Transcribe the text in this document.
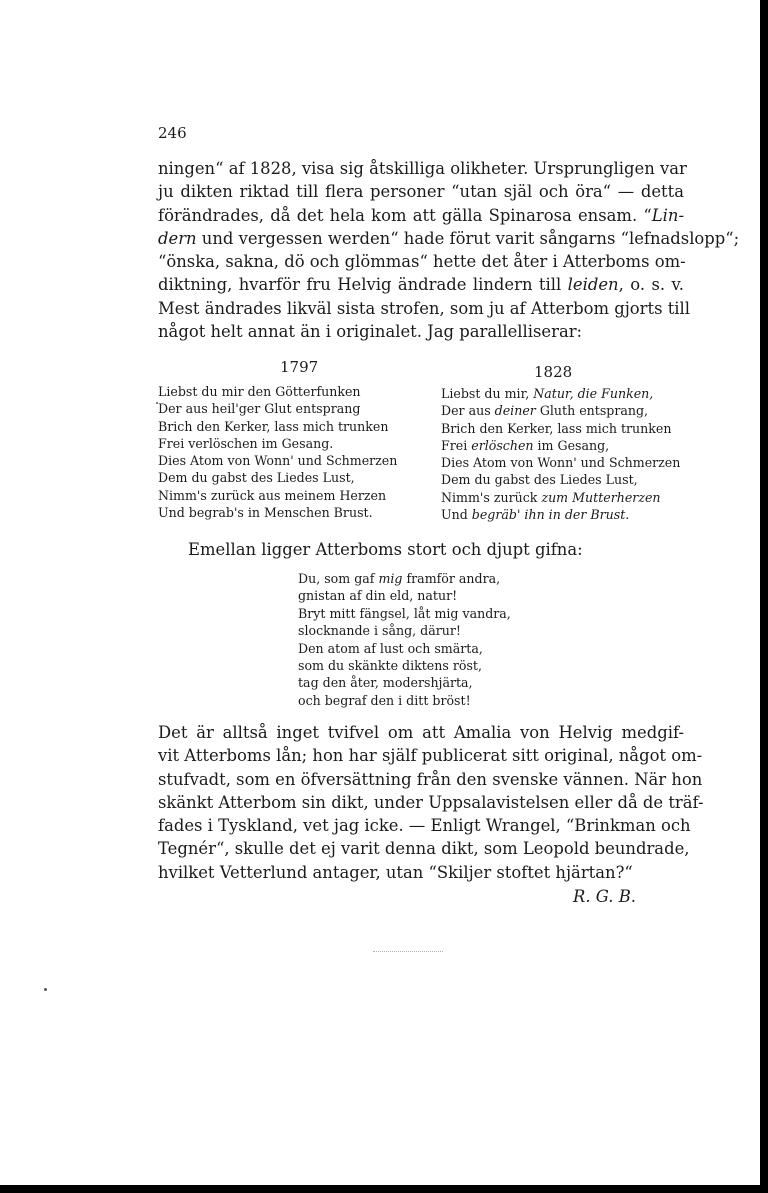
246
ningen“ af 1828, visa sig åtskilliga olikheter. Ursprungligen var
ju dikten riktad till flera personer “utan själ och öra“ — detta
förändrades, då det hela kom att gälla Spinarosa ensam. “Lin-
dern und vergessen werden“ hade förut varit sångarns “lefnadslopp“;
“önska, sakna, dö och glömmas“ hette det åter i Atterboms om-
diktning, hvarför fru Helvig ändrade lindern till leiden, o. s. v.
Mest ändrades likväl sista strofen, som ju af Atterbom gjorts till
något helt annat än i originalet. Jag parallelliserar:
1797
Liebst du mir den Götterfunken
Der aus heil'ger Glut entsprang
Brich den Kerker, lass mich trunken
Frei verlöschen im Gesang.
Dies Atom von Wonn' und Schmerzen
Dem du gabst des Liedes Lust,
Nimm's zurück aus meinem Herzen
Und begrab's in Menschen Brust.
1828
Liebst du mir, Natur, die Funken,
Der aus deiner Gluth entsprang,
Brich den Kerker, lass mich trunken
Frei erlöschen im Gesang,
Dies Atom von Wonn' und Schmerzen
Dem du gabst des Liedes Lust,
Nimm's zurück zum Mutterherzen
Und begräb' ihn in der Brust.
Emellan ligger Atterboms stort och djupt gifna:
Du, som gaf mig framför andra,
gnistan af din eld, natur!
Bryt mitt fängsel, låt mig vandra,
slocknande i sång, därur!
Den atom af lust och smärta,
som du skänkte diktens röst,
tag den åter, modershjärta,
och begraf den i ditt bröst!
Det är alltså inget tvifvel om att Amalia von Helvig medgif-
vit Atterboms lån; hon har själf publicerat sitt original, något om-
stufvadt, som en öfversättning från den svenske vännen. När hon
skänkt Atterbom sin dikt, under Uppsalavistelsen eller då de träf-
fades i Tyskland, vet jag icke. — Enligt Wrangel, “Brinkman och
Tegnér“, skulle det ej varit denna dikt, som Leopold beundrade,
hvilket Vetterlund antager, utan “Skiljer stoftet hjärtan?“
R. G. B.
